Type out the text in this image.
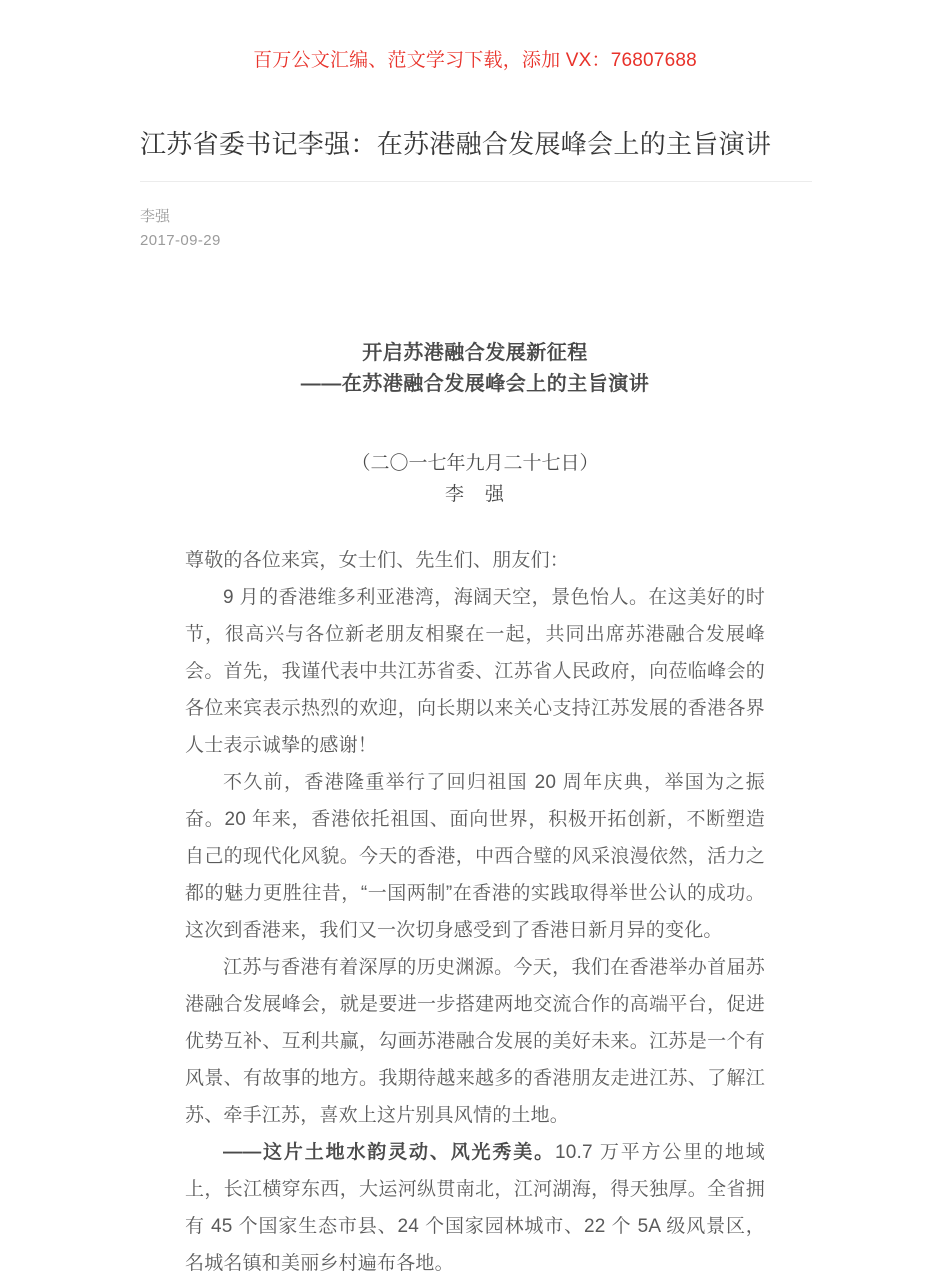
百万公文汇编、范文学习下载，添加 VX：76807688
江苏省委书记李强：在苏港融合发展峰会上的主旨演讲
李强
2017-09-29
开启苏港融合发展新征程
——在苏港融合发展峰会上的主旨演讲
（二〇一七年九月二十七日）
李　强

尊敬的各位来宾，女士们、先生们、朋友们：

9 月的香港维多利亚港湾，海阔天空，景色怡人。在这美好的时节，很高兴与各位新老朋友相聚在一起，共同出席苏港融合发展峰会。首先，我谨代表中共江苏省委、江苏省人民政府，向莅临峰会的各位来宾表示热烈的欢迎，向长期以来关心支持江苏发展的香港各界人士表示诚挚的感谢！

不久前，香港隆重举行了回归祖国 20 周年庆典，举国为之振奋。20 年来，香港依托祖国、面向世界，积极开拓创新，不断塑造自己的现代化风貌。今天的香港，中西合璧的风采浪漫依然，活力之都的魅力更胜往昔，“一国两制”在香港的实践取得举世公认的成功。这次到香港来，我们又一次切身感受到了香港日新月异的变化。

江苏与香港有着深厚的历史渊源。今天，我们在香港举办首届苏港融合发展峰会，就是要进一步搭建两地交流合作的高端平台，促进优势互补、互利共赢，勾画苏港融合发展的美好未来。江苏是一个有风景、有故事的地方。我期待越来越多的香港朋友走进江苏、了解江苏、牵手江苏，喜欢上这片别具风情的土地。

——这片土地水韵灵动、风光秀美。10.7 万平方公里的地域上，长江横穿东西，大运河纵贯南北，江河湖海，得天独厚。全省拥有 45 个国家生态市县、24 个国家园林城市、22 个 5A 级风景区，名城名镇和美丽乡村遍布各地。
